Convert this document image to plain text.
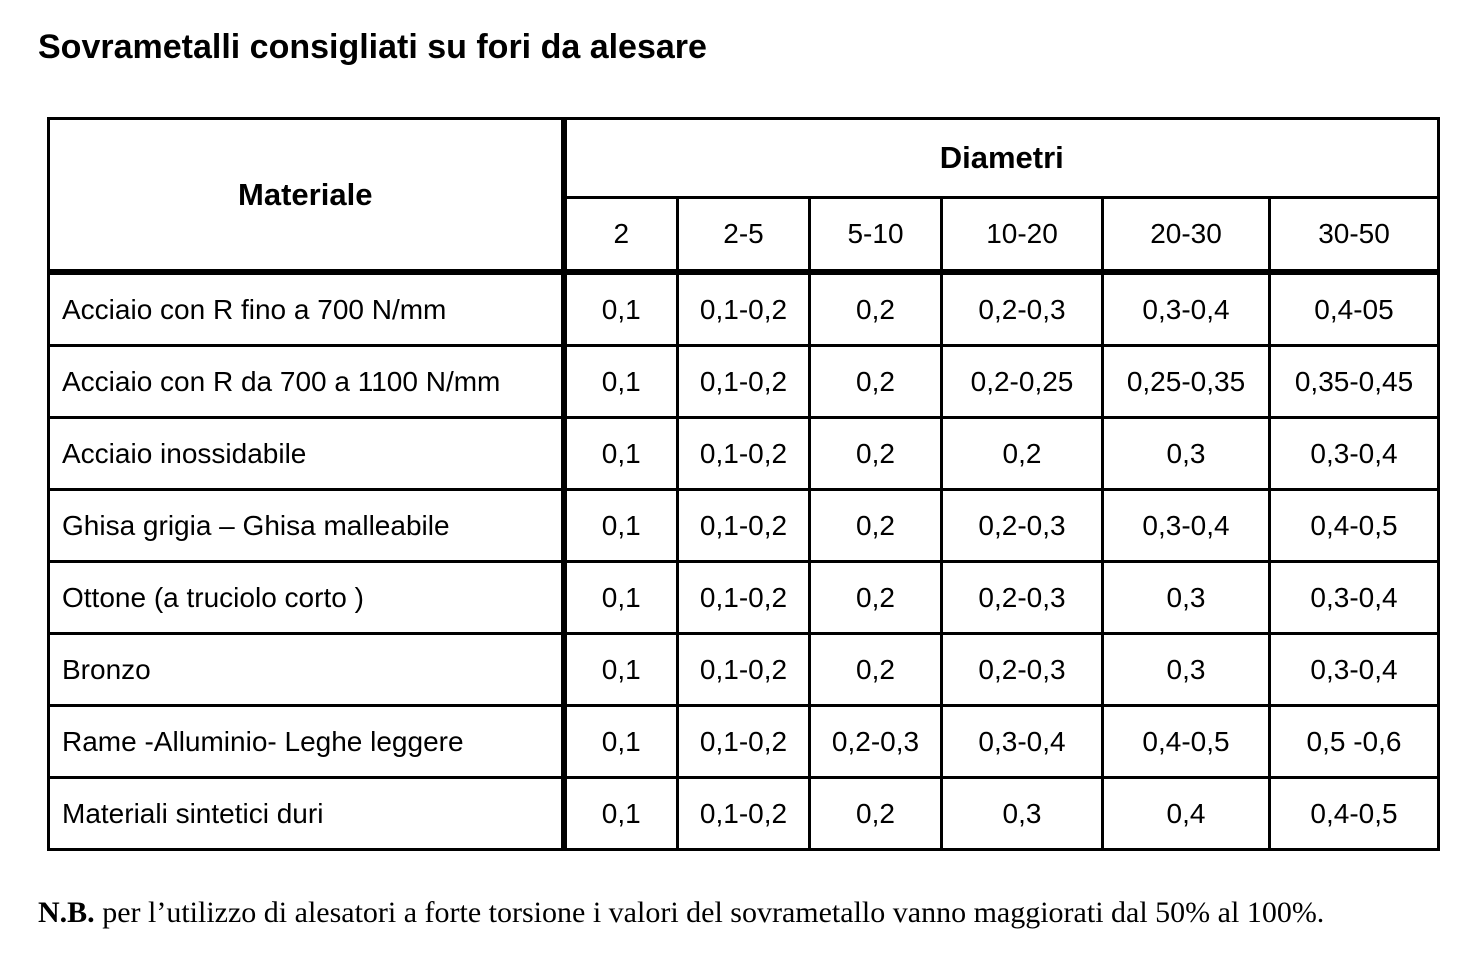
Sovrametalli consigliati su fori da alesare
Materiale	Diametri					
	2	2-5	5-10	10-20	20-30	30-50
Acciaio con R fino a 700 N/mm	0,1	0,1-0,2	0,2	0,2-0,3	0,3-0,4	0,4-05
Acciaio con R da 700 a 1100 N/mm	0,1	0,1-0,2	0,2	0,2-0,25	0,25-0,35	0,35-0,45
Acciaio inossidabile	0,1	0,1-0,2	0,2	0,2	0,3	0,3-0,4
Ghisa grigia – Ghisa malleabile	0,1	0,1-0,2	0,2	0,2-0,3	0,3-0,4	0,4-0,5
Ottone (a truciolo corto )	0,1	0,1-0,2	0,2	0,2-0,3	0,3	0,3-0,4
Bronzo	0,1	0,1-0,2	0,2	0,2-0,3	0,3	0,3-0,4
Rame -Alluminio- Leghe leggere	0,1	0,1-0,2	0,2-0,3	0,3-0,4	0,4-0,5	0,5 -0,6
Materiali sintetici duri	0,1	0,1-0,2	0,2	0,3	0,4	0,4-0,5
N.B. per l’utilizzo di alesatori a forte torsione i valori del sovrametallo vanno maggiorati dal 50% al 100%.
